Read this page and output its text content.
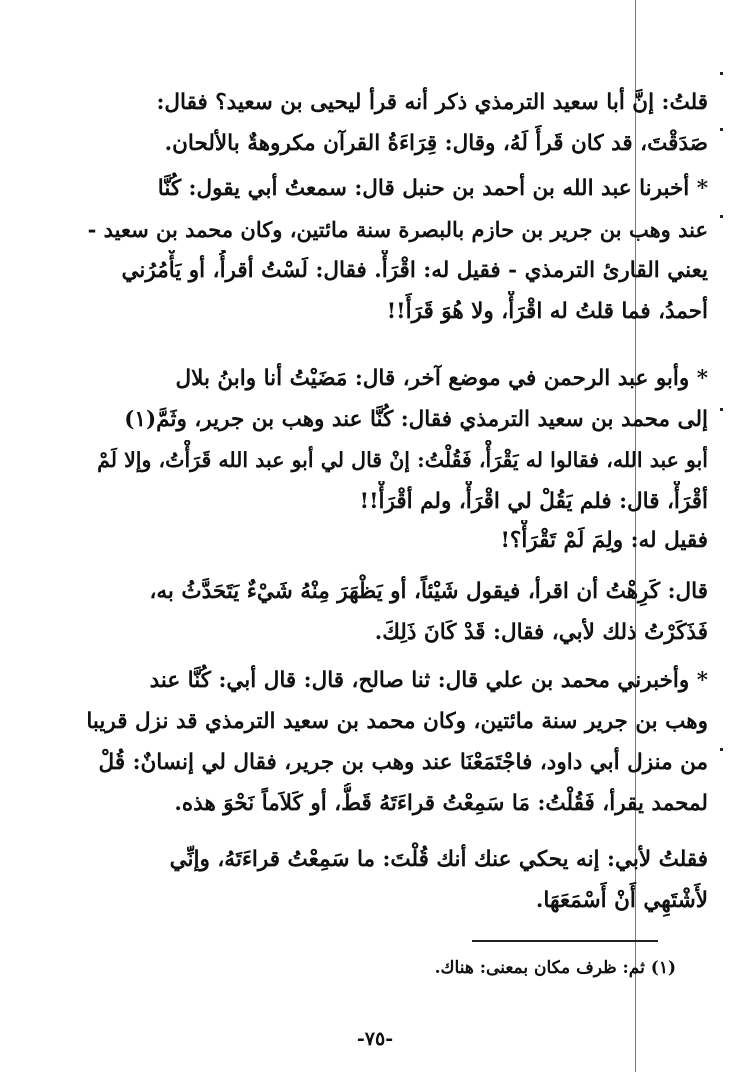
قلتُ: إنَّ أبا سعيد الترمذي ذكر أنه قرأ ليحيى بن سعيد؟ فقال:
صَدَقْتَ، قد كان قَرأَ لَهُ، وقال: قِرَاءَةُ القرآن مكروهةٌ بالألحان.

* أخبرنا عبد الله بن أحمد بن حنبل قال: سمعتُ أبي يقول: كُنَّا
عند وهب بن جرير بن حازم بالبصرة سنة مائتين، وكان محمد بن سعيد -
يعني القارئ الترمذي - فقيل له: اقْرَأْ. فقال: لَسْتُ أقرأُ، أو يَأْمُرُني
أحمدُ، فما قلتُ له اقْرَأْ، ولا هُوَ قَرَأَ!!

* وأبو عبد الرحمن في موضع آخر، قال: مَضَيْتُ أنا وابنُ بلال
إلى محمد بن سعيد الترمذي فقال: كُنَّا عند وهب بن جرير، وثَمَّ(١)
أبو عبد الله، فقالوا له يَقْرَأْ، فَقُلْتُ: إنْ قال لي أبو عبد الله قَرَأْتُ، وإلا لَمْ
أقْرَأْ، قال: فلم يَقُلْ لي اقْرَأْ، ولم أقْرَأْ!!

فقيل له: ولِمَ لَمْ تَقْرَأْ؟!

قال: كَرِهْتُ أن اقرأ، فيقول شَيْئاً، أو يَظْهَرَ مِنْهُ شَيْءٌ يَتَحَدَّثُ به،
فَذَكَرْتُ ذلك لأبي، فقال: قَدْ كَانَ ذَلِكَ.

* وأخبرني محمد بن علي قال: ثنا صالح، قال: قال أبي: كُنَّا عند
وهب بن جرير سنة مائتين، وكان محمد بن سعيد الترمذي قد نزل قريبا
من منزل أبي داود، فاجْتَمَعْنَا عند وهب بن جرير، فقال لي إنسانٌ: قُلْ
لمحمد يقرأ، فَقُلْتُ: مَا سَمِعْتُ قراءَتَهُ قَطُّ، أو كَلاَماً نَحْوَ هذه.

فقلتُ لأبي: إنه يحكي عنك أنك قُلْتَ: ما سَمِعْتُ قراءَتَهُ، وإنِّي
لأَشْتَهِي أَنْ أَسْمَعَهَا.

(١) ثم: ظرف مكان بمعنى: هناك.
-٧٥-
